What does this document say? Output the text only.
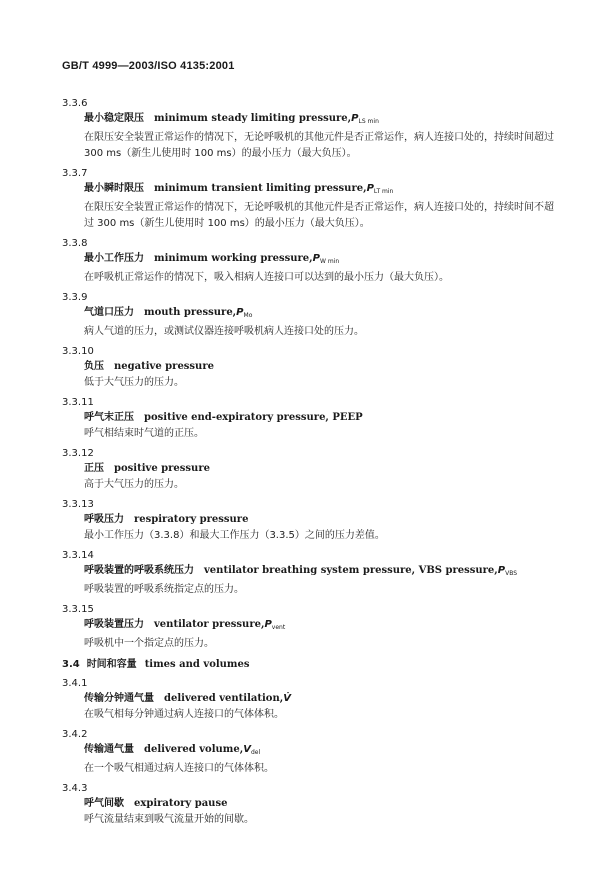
GB/T 4999—2003/ISO 4135:2001
3.3.6
最小稳定限压 minimum steady limiting $pressure,P_{LS min}$
在限压安全装置正常运作的情况下，无论呼吸机的其他元件是否正常运作，病人连接口处的，持续时间超过 300 ms（新生儿使用时 100 ms）的最小压力（最大负压）。
3.3.7
最小瞬时限压 minimum transient limiting $pressure,P_{LT min}$
在限压安全装置正常运作的情况下，无论呼吸机的其他元件是否正常运作，病人连接口处的，持续时间不超过 300 ms（新生儿使用时 100 ms）的最小压力（最大负压）。
3.3.8
最小工作压力 minimum working $pressure,P_{W min}$
在呼吸机正常运作的情况下，吸入相病人连接口可以达到的最小压力（最大负压）。
3.3.9
气道口压力 mouth $pressure,P_{Mo}$
病人气道的压力，或测试仪器连接呼吸机病人连接口处的压力。
3.3.10
负压 negative pressure
低于大气压力的压力。
3.3.11
呼气末正压 positive end-expiratory pressure, PEEP
呼气相结束时气道的正压。
3.3.12
正压 positive pressure
高于大气压力的压力。
3.3.13
呼吸压力 respiratory pressure
最小工作压力（3.3.8）和最大工作压力（3.3.5）之间的压力差值。
3.3.14
呼吸装置的呼吸系统压力 ventilator breathing system pressure, VBS $pressure,P_{VBS}$
呼吸装置的呼吸系统指定点的压力。
3.3.15
呼吸装置压力 ventilator $pressure,P_{vent}$
呼吸机中一个指定点的压力。
3.4 时间和容量 times and volumes
3.4.1
传输分钟通气量 delivered ventilation,V̇
在吸气相每分钟通过病人连接口的气体体积。
3.4.2
传输通气量 delivered $volume,V_{del}$
在一个吸气相通过病人连接口的气体体积。
3.4.3
呼气间歇 expiratory pause
呼气流量结束到吸气流量开始的间歇。
